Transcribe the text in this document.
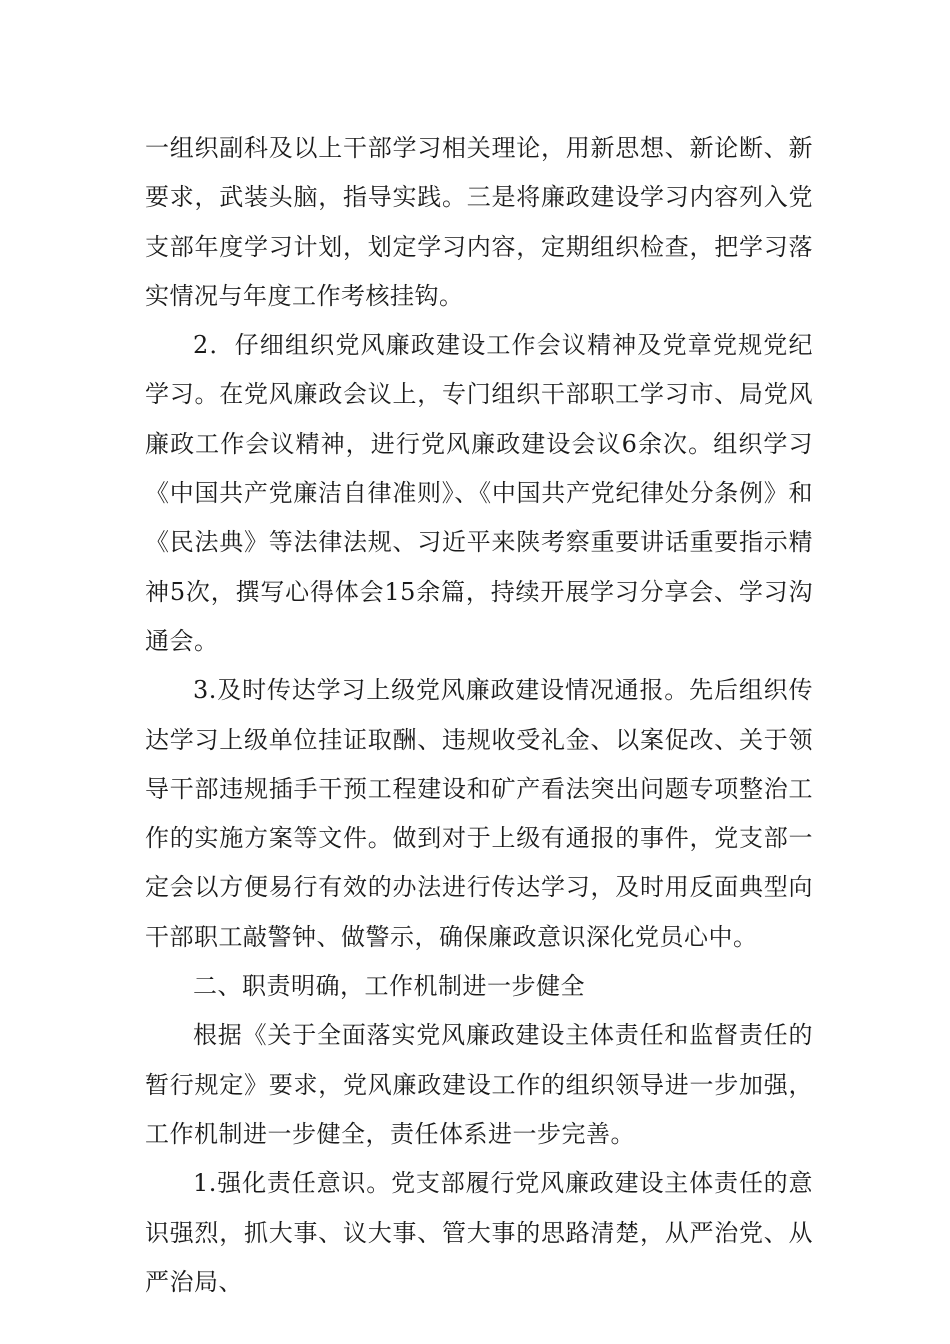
一组织副科及以上干部学习相关理论，用新思想、新论断、新要求，武装头脑，指导实践。三是将廉政建设学习内容列入党支部年度学习计划，划定学习内容，定期组织检查，把学习落实情况与年度工作考核挂钩。

2．仔细组织党风廉政建设工作会议精神及党章党规党纪学习。在党风廉政会议上，专门组织干部职工学习市、局党风廉政工作会议精神，进行党风廉政建设会议6余次。组织学习《中国共产党廉洁自律准则》、《中国共产党纪律处分条例》和《民法典》等法律法规、习近平来陕考察重要讲话重要指示精神5次，撰写心得体会15余篇，持续开展学习分享会、学习沟通会。

3.及时传达学习上级党风廉政建设情况通报。先后组织传达学习上级单位挂证取酬、违规收受礼金、以案促改、关于领导干部违规插手干预工程建设和矿产看法突出问题专项整治工作的实施方案等文件。做到对于上级有通报的事件，党支部一定会以方便易行有效的办法进行传达学习，及时用反面典型向干部职工敲警钟、做警示，确保廉政意识深化党员心中。

二、职责明确，工作机制进一步健全

根据《关于全面落实党风廉政建设主体责任和监督责任的暂行规定》要求，党风廉政建设工作的组织领导进一步加强，工作机制进一步健全，责任体系进一步完善。

1.强化责任意识。党支部履行党风廉政建设主体责任的意识强烈，抓大事、议大事、管大事的思路清楚，从严治党、从严治局、
